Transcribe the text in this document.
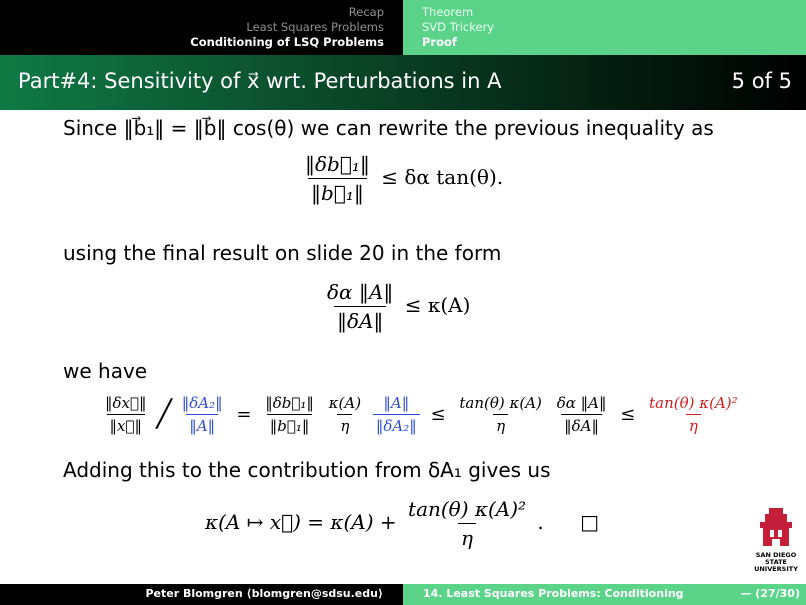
Recap
Least Squares Problems
Conditioning of LSQ Problems
Theorem
SVD Trickery
Proof
Part#4: Sensitivity of x⃗ wrt. Perturbations in A	5 of 5
Since ‖b⃗₁‖ = ‖b⃗‖ cos(θ) we can rewrite the previous inequality as
$\frac{\text{‖δb⃗₁‖}}{\text{‖b⃗₁‖}} \le \delta\alpha$ tan(θ).
using the final result on slide 20 in the form
$\frac{\delta\alpha ‖A‖}{‖\delta A‖} \le \kappa(A)$
we have
$\frac{‖\delta x⃗‖}{‖x⃗‖}$ ╱ $\frac{\text{‖δA₂‖}}{‖A‖} = \frac{\text{‖δb⃗₁‖}}{\text{‖b⃗₁‖}}$
$\frac{\kappa(A)}{\eta}$
$\frac{‖A‖}{\text{‖δA₂‖}} \le \frac{\tan(\theta) \kappa(A)}{\eta}$
$\frac{\delta\alpha ‖A‖}{‖\delta A‖} \le \frac{\text{tan(θ) κ(A)²}}{\eta}$
Adding this to the contribution from δA₁ gives us
κ(A ↦ x⃗) = $\kappa(A) + \frac{\text{tan(θ) κ(A)²}}{\eta}$ . □
SAN DIEGO STATE
UNIVERSITY
Peter Blomgren ⟨blomgren@sdsu.edu⟩	14. Least Squares Problems: Conditioning	— (27/30)
